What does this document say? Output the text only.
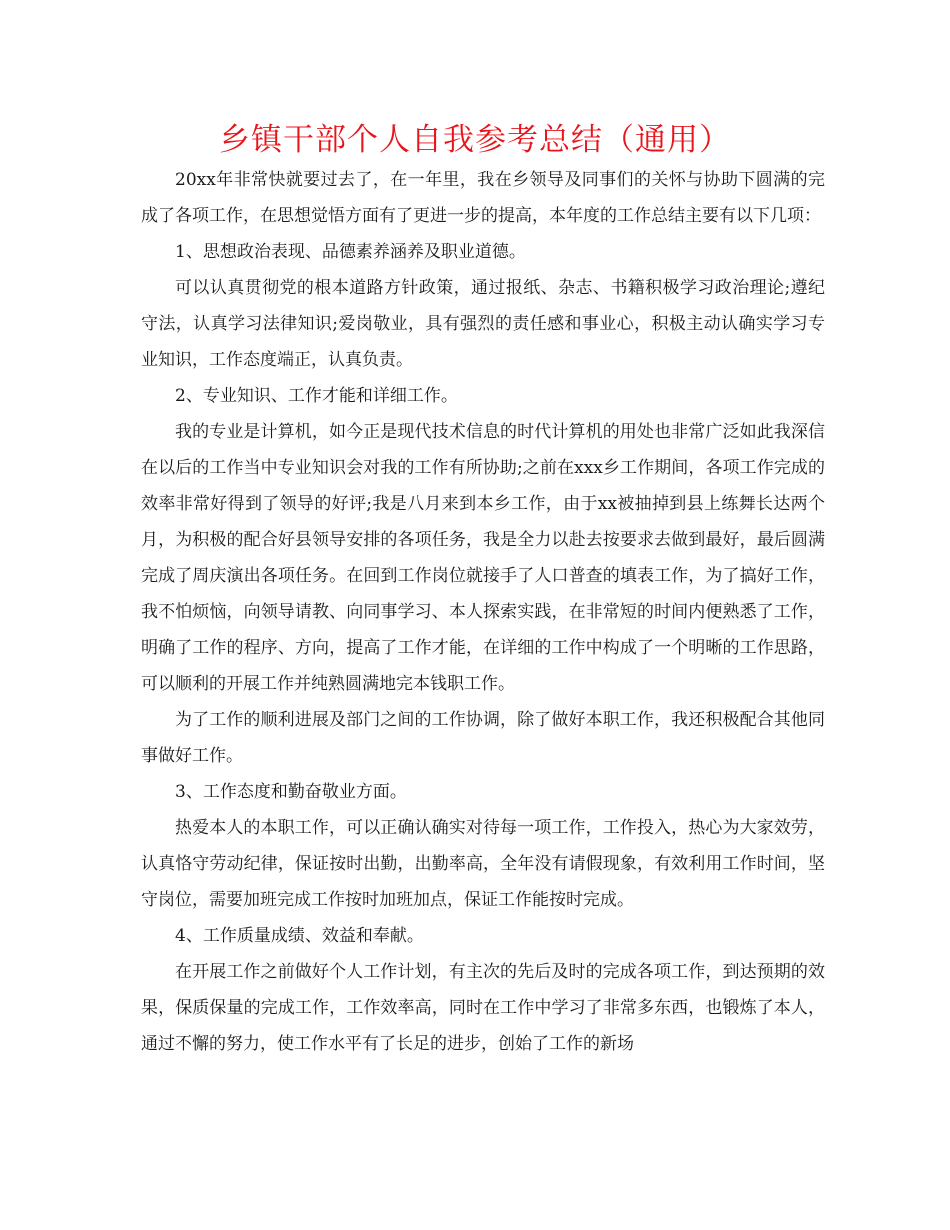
乡镇干部个人自我参考总结（通用）

20xx年非常快就要过去了，在一年里，我在乡领导及同事们的关怀与协助下圆满的完成了各项工作，在思想觉悟方面有了更进一步的提高，本年度的工作总结主要有以下几项：

1、思想政治表现、品德素养涵养及职业道德。

可以认真贯彻党的根本道路方针政策，通过报纸、杂志、书籍积极学习政治理论;遵纪守法，认真学习法律知识;爱岗敬业，具有强烈的责任感和事业心，积极主动认确实学习专业知识，工作态度端正，认真负责。

2、专业知识、工作才能和详细工作。

我的专业是计算机，如今正是现代技术信息的时代计算机的用处也非常广泛如此我深信在以后的工作当中专业知识会对我的工作有所协助;之前在xxx乡工作期间，各项工作完成的效率非常好得到了领导的好评;我是八月来到本乡工作，由于xx被抽掉到县上练舞长达两个月，为积极的配合好县领导安排的各项任务，我是全力以赴去按要求去做到最好，最后圆满完成了周庆演出各项任务。在回到工作岗位就接手了人口普查的填表工作，为了搞好工作，我不怕烦恼，向领导请教、向同事学习、本人探索实践，在非常短的时间内便熟悉了工作，明确了工作的程序、方向，提高了工作才能，在详细的工作中构成了一个明晰的工作思路，可以顺利的开展工作并纯熟圆满地完本钱职工作。

为了工作的顺利进展及部门之间的工作协调，除了做好本职工作，我还积极配合其他同事做好工作。

3、工作态度和勤奋敬业方面。

热爱本人的本职工作，可以正确认确实对待每一项工作，工作投入，热心为大家效劳，认真恪守劳动纪律，保证按时出勤，出勤率高，全年没有请假现象，有效利用工作时间，坚守岗位，需要加班完成工作按时加班加点，保证工作能按时完成。

4、工作质量成绩、效益和奉献。

在开展工作之前做好个人工作计划，有主次的先后及时的完成各项工作，到达预期的效果，保质保量的完成工作，工作效率高，同时在工作中学习了非常多东西，也锻炼了本人，通过不懈的努力，使工作水平有了长足的进步，创始了工作的新场
